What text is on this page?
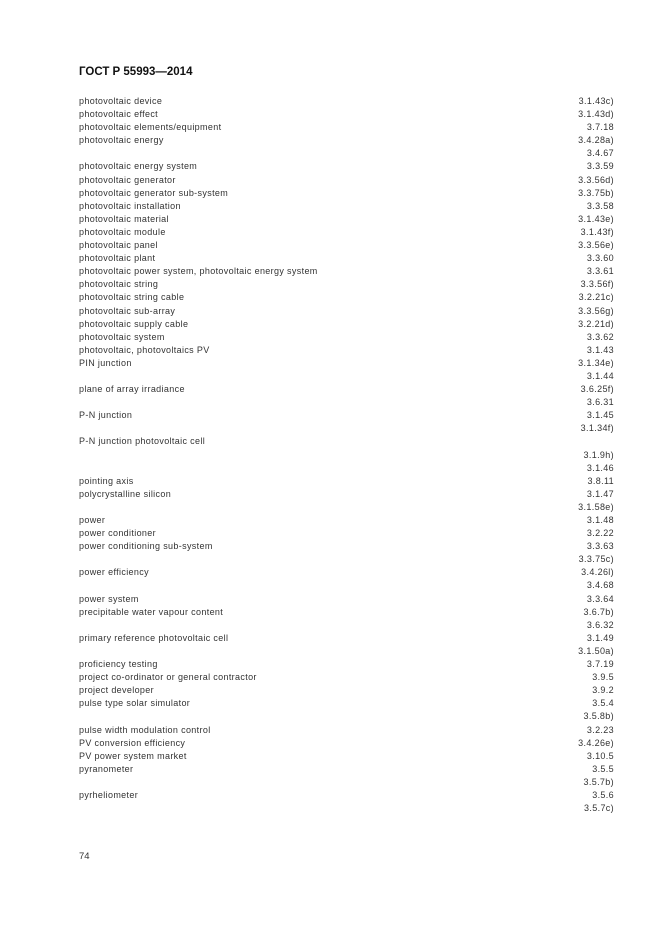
ГОСТ Р 55993—2014
photovoltaic device	3.1.43c)
photovoltaic effect	3.1.43d)
photovoltaic elements/equipment	3.7.18
photovoltaic energy	3.4.28a)
3.4.67
photovoltaic energy system	3.3.59
photovoltaic generator	3.3.56d)
photovoltaic generator sub-system	3.3.75b)
photovoltaic installation	3.3.58
photovoltaic material	3.1.43e)
photovoltaic module	3.1.43f)
photovoltaic panel	3.3.56e)
photovoltaic plant	3.3.60
photovoltaic power system, photovoltaic energy system	3.3.61
photovoltaic string	3.3.56f)
photovoltaic string cable	3.2.21c)
photovoltaic sub-array	3.3.56g)
photovoltaic supply cable	3.2.21d)
photovoltaic system	3.3.62
photovoltaic, photovoltaics PV	3.1.43
PIN junction	3.1.34e)
3.1.44
plane of array irradiance	3.6.25f)
3.6.31
P-N junction	3.1.45
3.1.34f)
P-N junction photovoltaic cell
3.1.9h)
3.1.46
pointing axis	3.8.11
polycrystalline silicon	3.1.47
3.1.58e)
power	3.1.48
power conditioner	3.2.22
power conditioning sub-system	3.3.63
3.3.75c)
power efficiency	3.4.26l)
3.4.68
power system	3.3.64
precipitable water vapour content	3.6.7b)
3.6.32
primary reference photovoltaic cell	3.1.49
3.1.50a)
proficiency testing	3.7.19
project co-ordinator or general contractor	3.9.5
project developer	3.9.2
pulse type solar simulator	3.5.4
3.5.8b)
pulse width modulation control	3.2.23
PV conversion efficiency	3.4.26e)
PV power system market	3.10.5
pyranometer	3.5.5
3.5.7b)
pyrheliometer	3.5.6
3.5.7c)
74
